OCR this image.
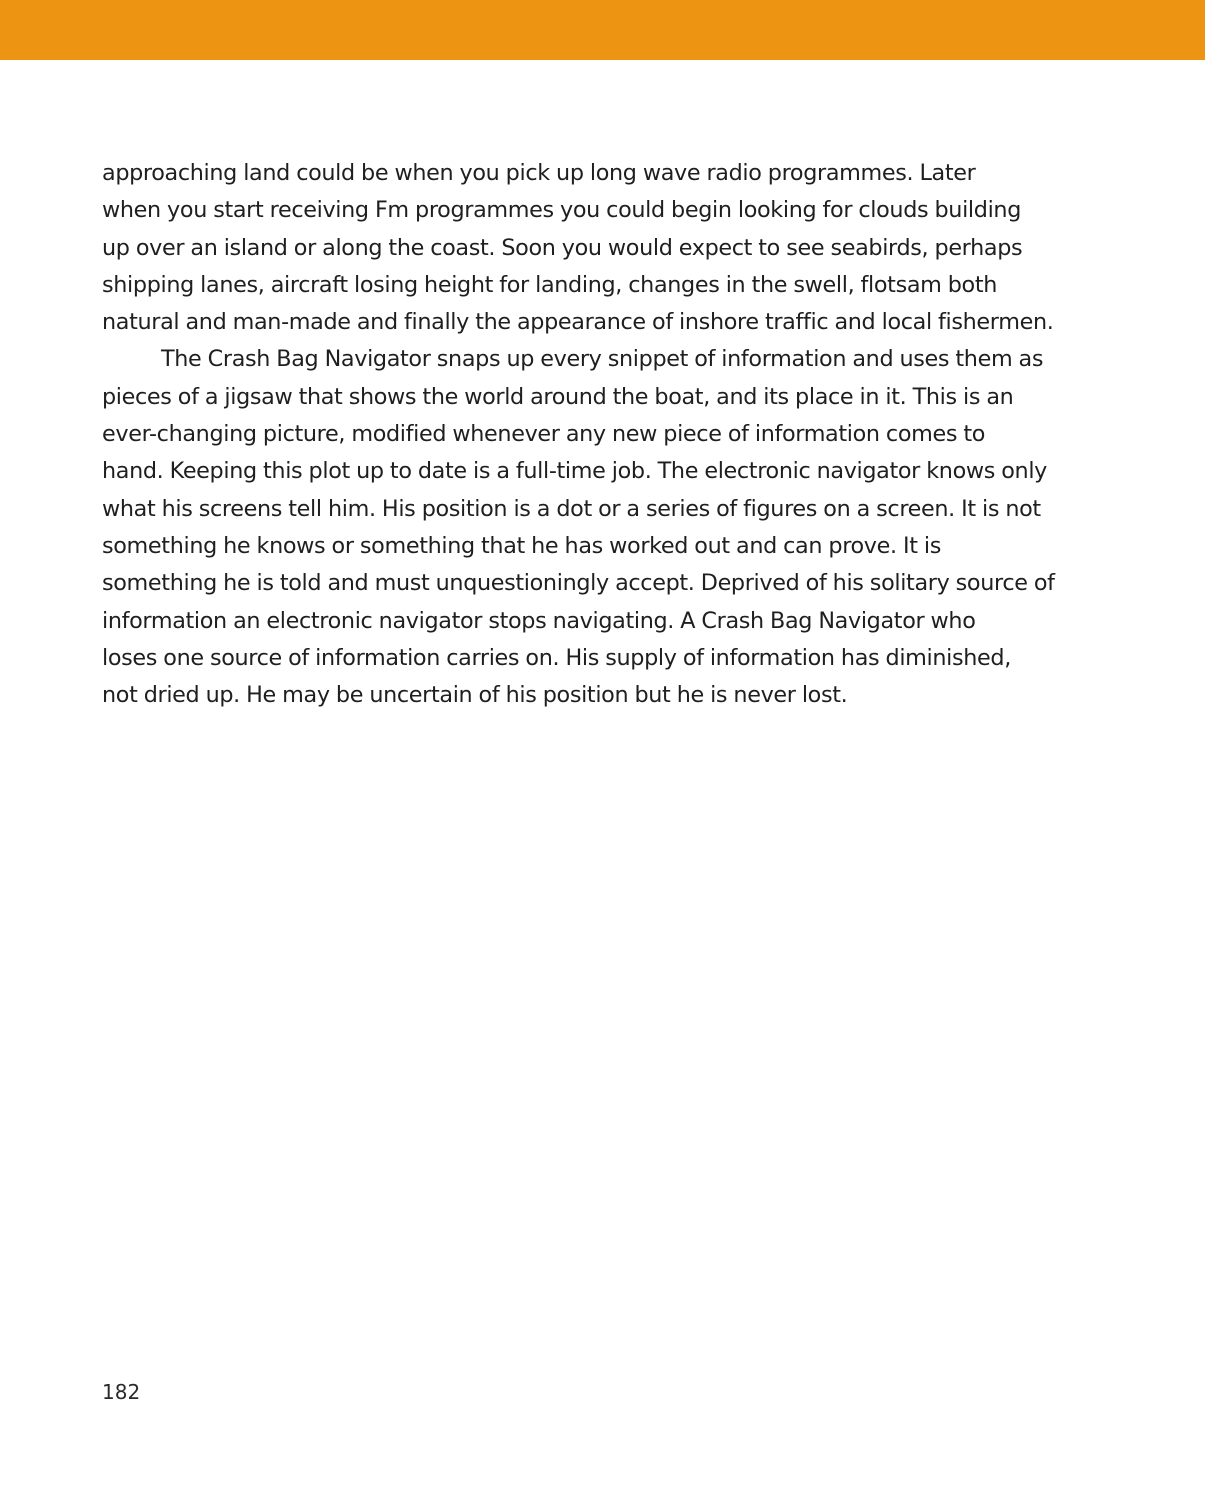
approaching land could be when you pick up long wave radio programmes. Later
when you start receiving Fm programmes you could begin looking for clouds building
up over an island or along the coast. Soon you would expect to see seabirds, perhaps
shipping lanes, aircraft losing height for landing, changes in the swell, flotsam both
natural and man-made and finally the appearance of inshore traffic and local fishermen.
The Crash Bag Navigator snaps up every snippet of information and uses them as
pieces of a jigsaw that shows the world around the boat, and its place in it. This is an
ever-changing picture, modified whenever any new piece of information comes to
hand. Keeping this plot up to date is a full-time job. The electronic navigator knows only
what his screens tell him. His position is a dot or a series of figures on a screen. It is not
something he knows or something that he has worked out and can prove. It is
something he is told and must unquestioningly accept. Deprived of his solitary source of
information an electronic navigator stops navigating. A Crash Bag Navigator who
loses one source of information carries on. His supply of information has diminished,
not dried up. He may be uncertain of his position but he is never lost.
182
